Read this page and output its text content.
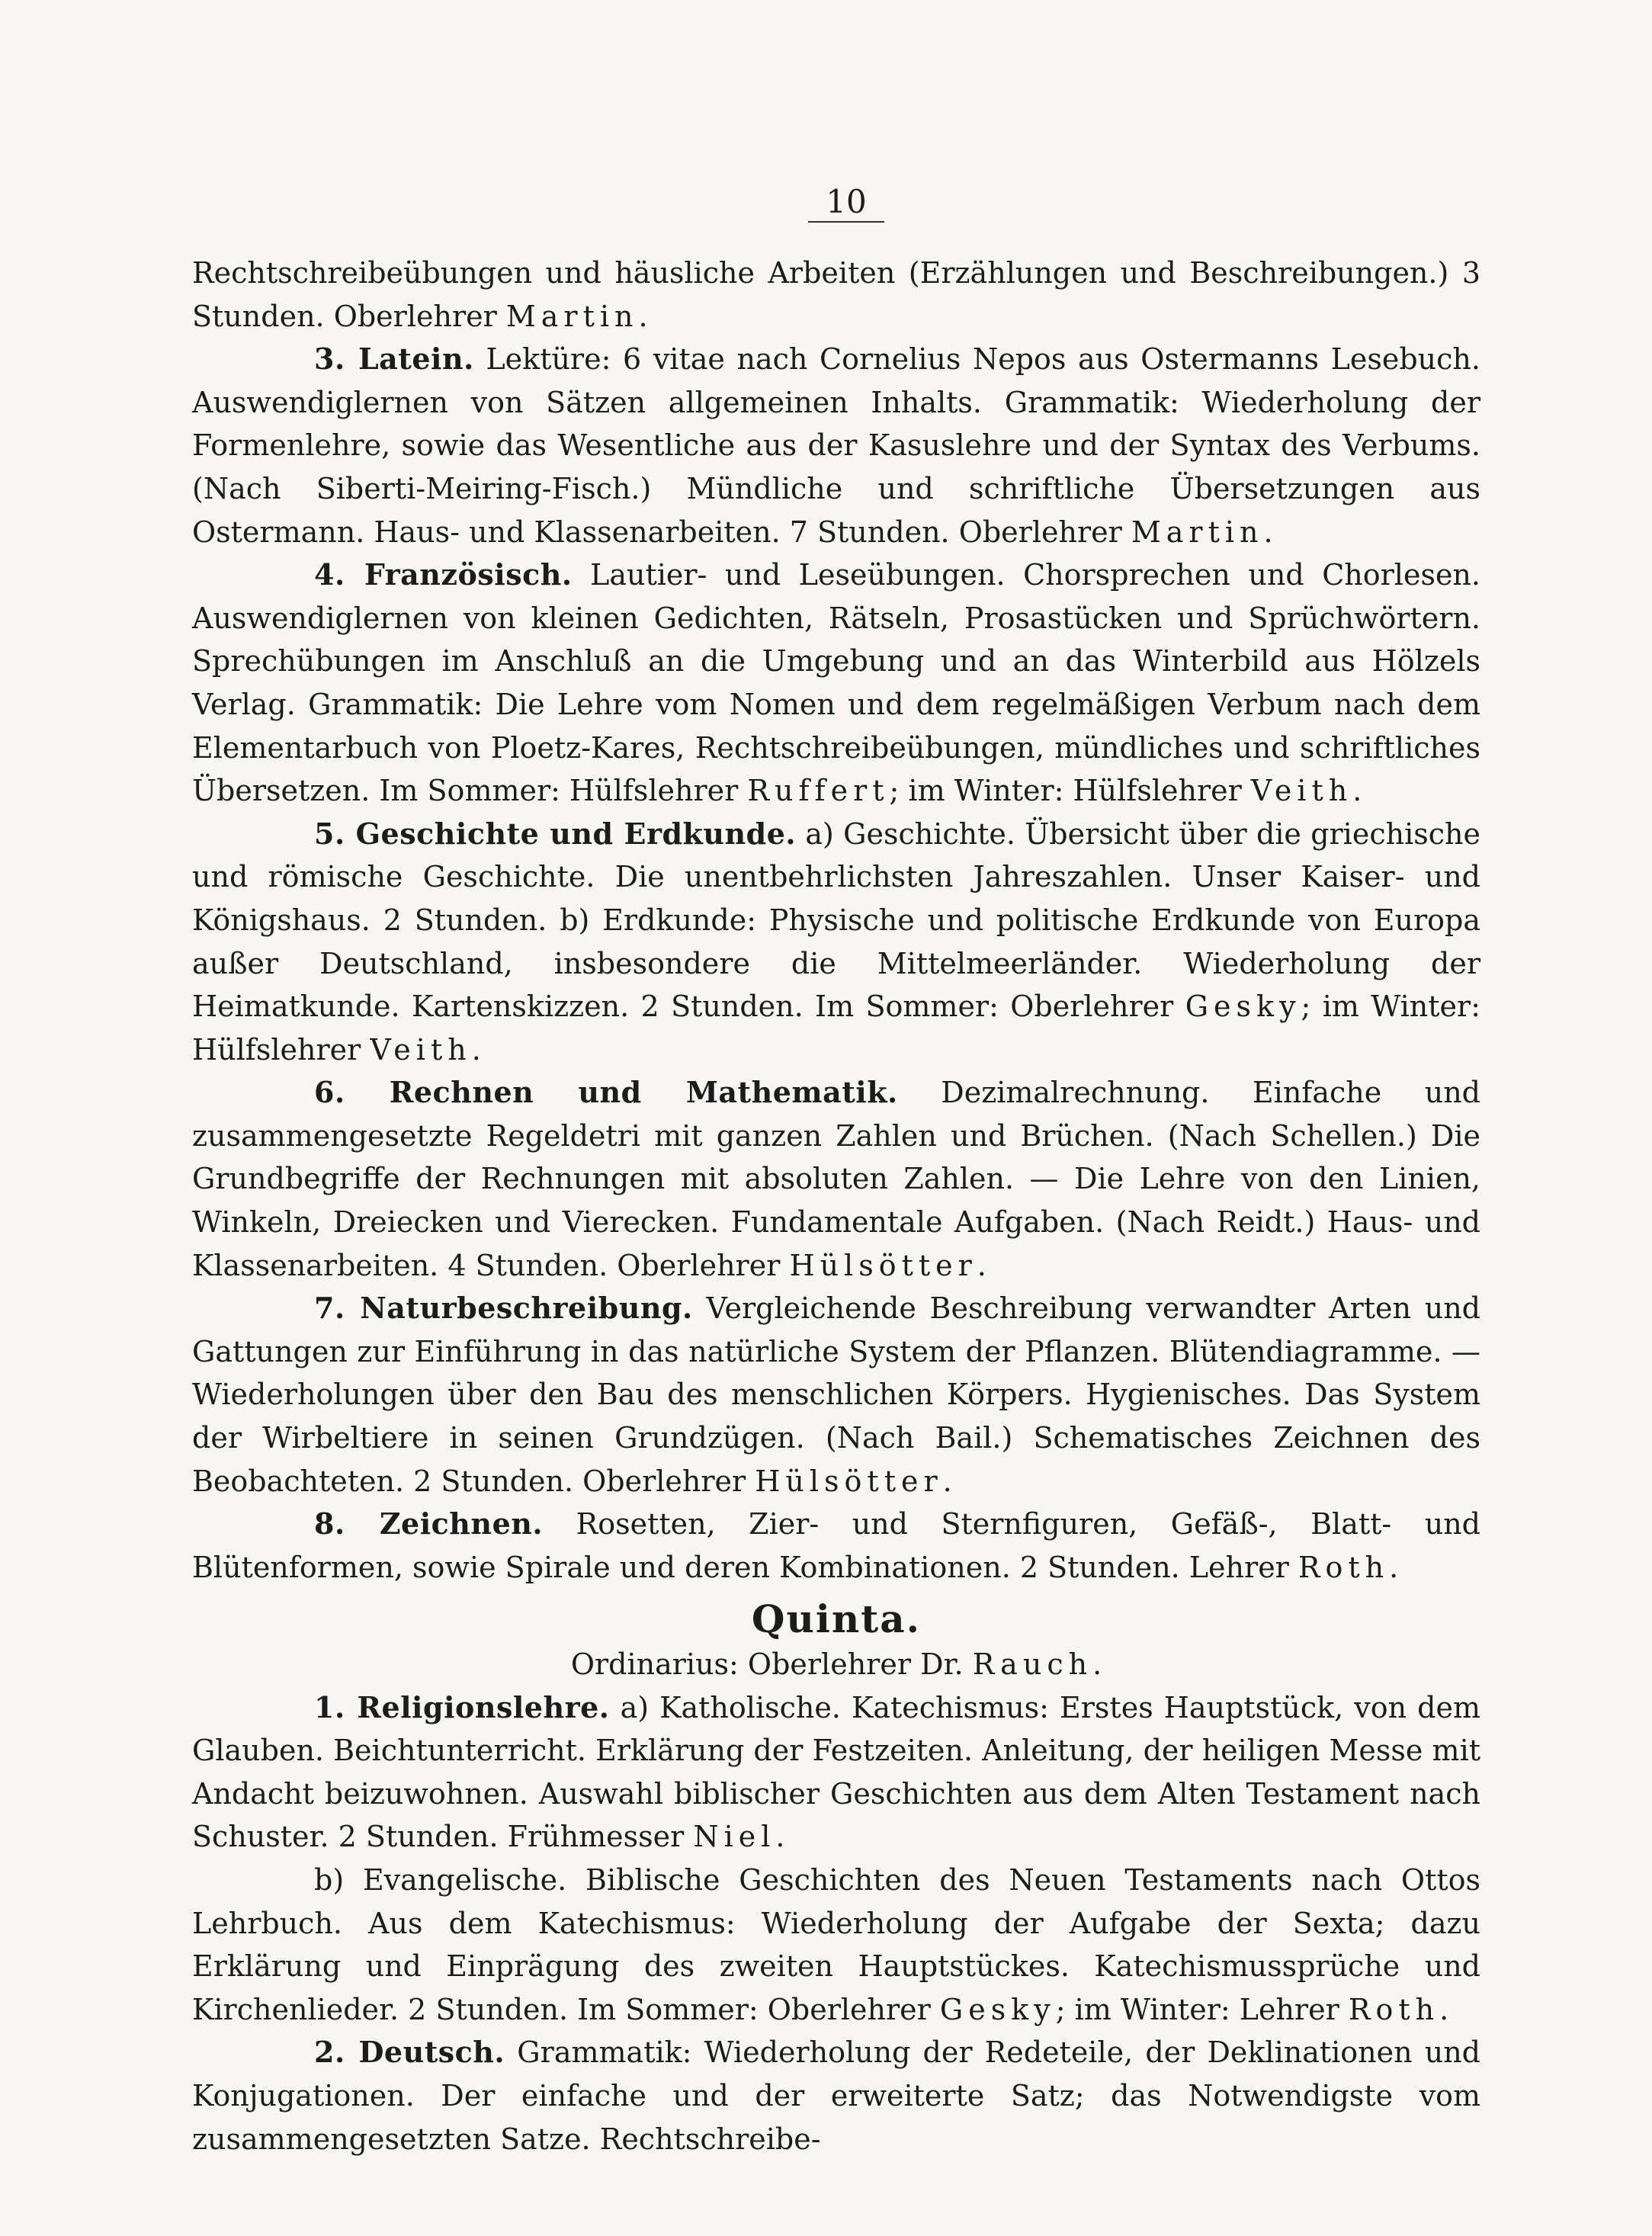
10

Rechtschreibeübungen und häusliche Arbeiten (Erzählungen und Beschreibungen.) 3 Stunden. Oberlehrer Martin.

3. Latein. Lektüre: 6 vitae nach Cornelius Nepos aus Ostermanns Lesebuch. Auswendiglernen von Sätzen allgemeinen Inhalts. Grammatik: Wiederholung der Formenlehre, sowie das Wesentliche aus der Kasuslehre und der Syntax des Verbums. (Nach Siberti-Meiring-Fisch.) Mündliche und schriftliche Übersetzungen aus Ostermann. Haus- und Klassenarbeiten. 7 Stunden. Oberlehrer Martin.

4. Französisch. Lautier- und Leseübungen. Chorsprechen und Chorlesen. Auswendiglernen von kleinen Gedichten, Rätseln, Prosastücken und Sprüchwörtern. Sprechübungen im Anschluß an die Umgebung und an das Winterbild aus Hölzels Verlag. Grammatik: Die Lehre vom Nomen und dem regelmäßigen Verbum nach dem Elementarbuch von Ploetz-Kares, Rechtschreibeübungen, mündliches und schriftliches Übersetzen. Im Sommer: Hülfslehrer Ruffert; im Winter: Hülfslehrer Veith.

5. Geschichte und Erdkunde. a) Geschichte. Übersicht über die griechische und römische Geschichte. Die unentbehrlichsten Jahreszahlen. Unser Kaiser- und Königshaus. 2 Stunden. b) Erdkunde: Physische und politische Erdkunde von Europa außer Deutschland, insbesondere die Mittelmeerländer. Wiederholung der Heimatkunde. Kartenskizzen. 2 Stunden. Im Sommer: Oberlehrer Gesky; im Winter: Hülfslehrer Veith.

6. Rechnen und Mathematik. Dezimalrechnung. Einfache und zusammengesetzte Regeldetri mit ganzen Zahlen und Brüchen. (Nach Schellen.) Die Grundbegriffe der Rechnungen mit absoluten Zahlen. — Die Lehre von den Linien, Winkeln, Dreiecken und Vierecken. Fundamentale Aufgaben. (Nach Reidt.) Haus- und Klassenarbeiten. 4 Stunden. Oberlehrer Hülsötter.

7. Naturbeschreibung. Vergleichende Beschreibung verwandter Arten und Gattungen zur Einführung in das natürliche System der Pflanzen. Blütendiagramme. — Wiederholungen über den Bau des menschlichen Körpers. Hygienisches. Das System der Wirbeltiere in seinen Grundzügen. (Nach Bail.) Schematisches Zeichnen des Beobachteten. 2 Stunden. Oberlehrer Hülsötter.

8. Zeichnen. Rosetten, Zier- und Sternfiguren, Gefäß-, Blatt- und Blütenformen, sowie Spirale und deren Kombinationen. 2 Stunden. Lehrer Roth.

Quinta.

Ordinarius: Oberlehrer Dr. Rauch.

1. Religionslehre. a) Katholische. Katechismus: Erstes Hauptstück, von dem Glauben. Beichtunterricht. Erklärung der Festzeiten. Anleitung, der heiligen Messe mit Andacht beizuwohnen. Auswahl biblischer Geschichten aus dem Alten Testament nach Schuster. 2 Stunden. Frühmesser Niel.

b) Evangelische. Biblische Geschichten des Neuen Testaments nach Ottos Lehrbuch. Aus dem Katechismus: Wiederholung der Aufgabe der Sexta; dazu Erklärung und Einprägung des zweiten Hauptstückes. Katechismussprüche und Kirchenlieder. 2 Stunden. Im Sommer: Oberlehrer Gesky; im Winter: Lehrer Roth.

2. Deutsch. Grammatik: Wiederholung der Redeteile, der Deklinationen und Konjugationen. Der einfache und der erweiterte Satz; das Notwendigste vom zusammengesetzten Satze. Rechtschreibe-
